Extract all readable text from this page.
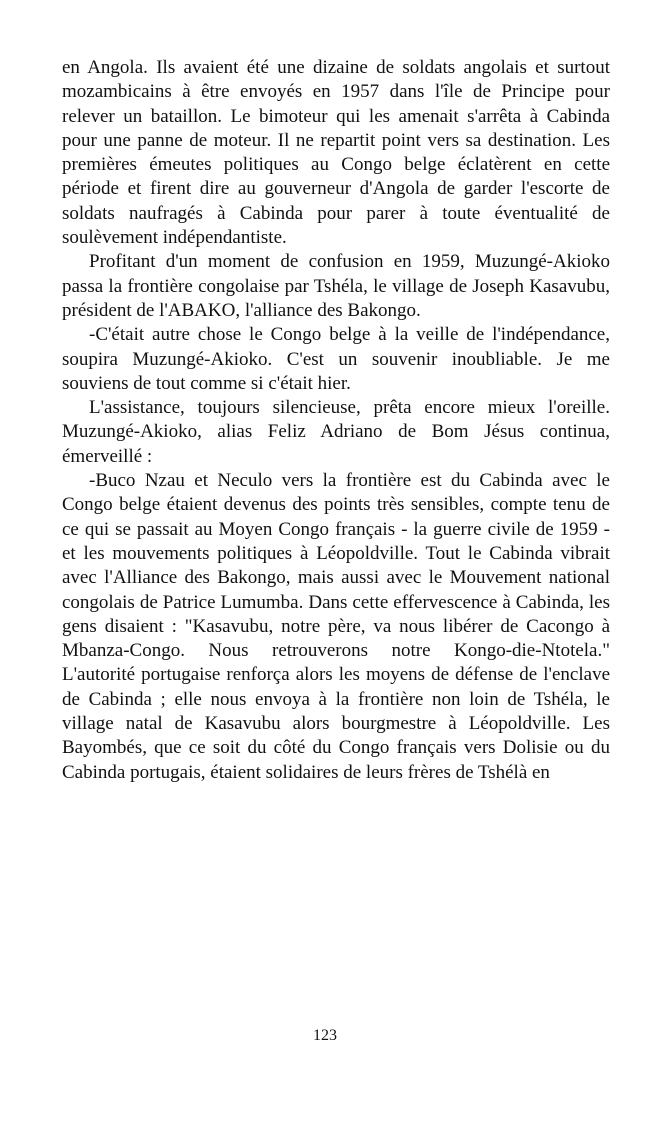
en Angola. Ils avaient été une dizaine de soldats angolais et surtout mozambicains à être envoyés en 1957 dans l'île de Principe pour relever un bataillon. Le bimoteur qui les amenait s'arrêta à Cabinda pour une panne de moteur. Il ne repartit point vers sa destination. Les premières émeutes politiques au Congo belge éclatèrent en cette période et firent dire au gouverneur d'Angola de garder l'escorte de soldats naufragés à Cabinda pour parer à toute éventualité de soulèvement indépendantiste.

Profitant d'un moment de confusion en 1959, Muzungé-Akioko passa la frontière congolaise par Tshéla, le village de Joseph Kasavubu, président de l'ABAKO, l'alliance des Bakongo.

-C'était autre chose le Congo belge à la veille de l'indépendance, soupira Muzungé-Akioko. C'est un souvenir inoubliable. Je me souviens de tout comme si c'était hier.

L'assistance, toujours silencieuse, prêta encore mieux l'oreille. Muzungé-Akioko, alias Feliz Adriano de Bom Jésus continua, émerveillé :

-Buco Nzau et Neculo vers la frontière est du Cabinda avec le Congo belge étaient devenus des points très sensibles, compte tenu de ce qui se passait au Moyen Congo français - la guerre civile de 1959 - et les mouvements politiques à Léopoldville. Tout le Cabinda vibrait avec l'Alliance des Bakongo, mais aussi avec le Mouvement national congolais de Patrice Lumumba. Dans cette effervescence à Cabinda, les gens disaient : "Kasavubu, notre père, va nous libérer de Cacongo à Mbanza-Congo. Nous retrouverons notre Kongo-die-Ntotela." L'autorité portugaise renforça alors les moyens de défense de l'enclave de Cabinda ; elle nous envoya à la frontière non loin de Tshéla, le village natal de Kasavubu alors bourgmestre à Léopoldville. Les Bayombés, que ce soit du côté du Congo français vers Dolisie ou du Cabinda portugais, étaient solidaires de leurs frères de Tshélà en

123
